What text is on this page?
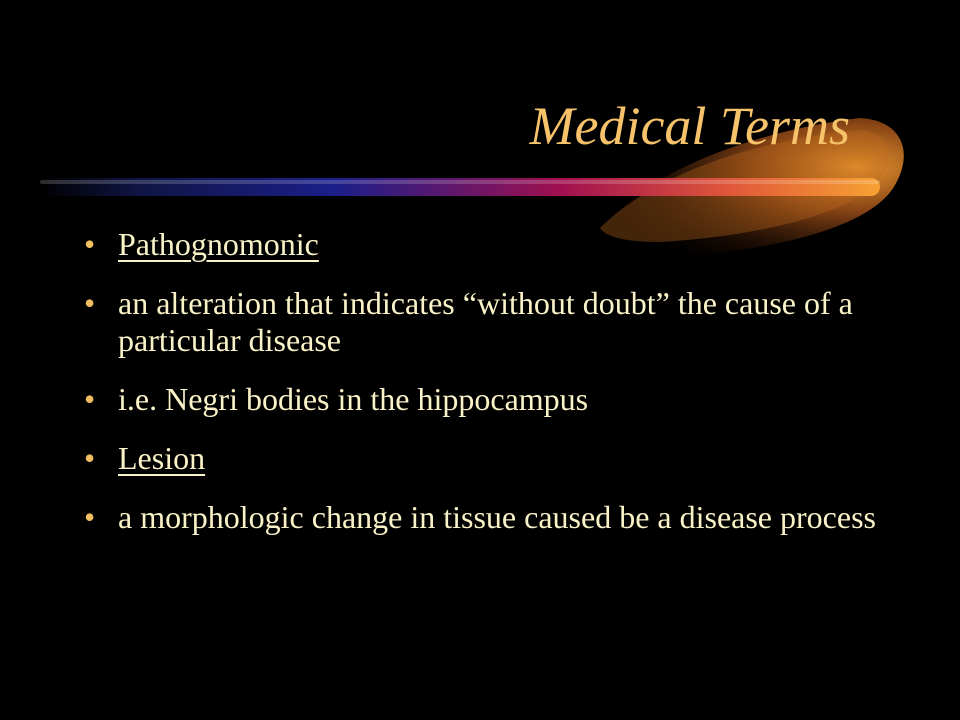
Medical Terms
• Pathognomonic
• an alteration that indicates “without doubt” the cause of a particular disease
• i.e. Negri bodies in the hippocampus
• Lesion
• a morphologic change in tissue caused be a disease process
